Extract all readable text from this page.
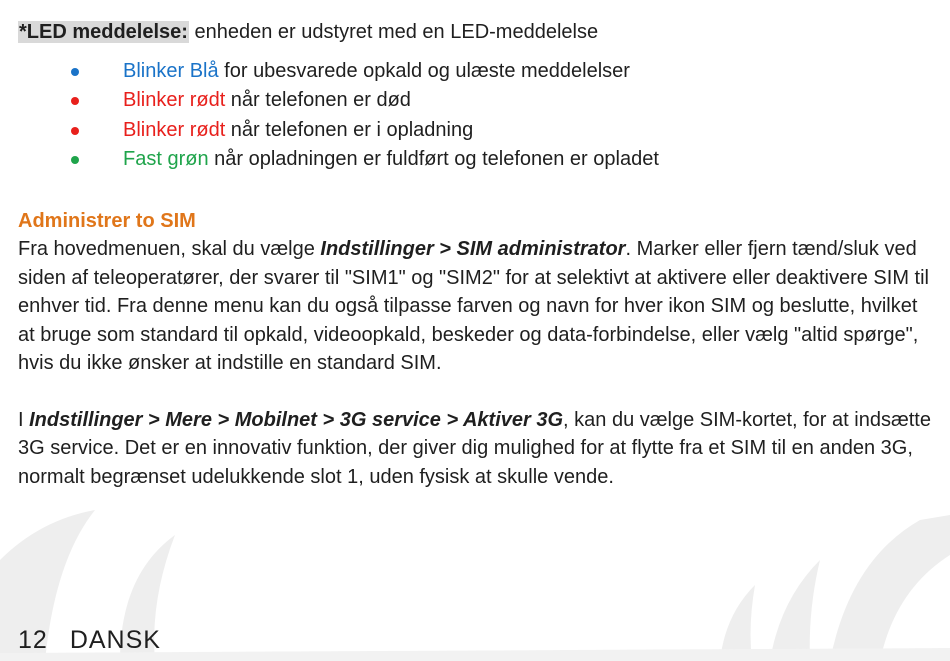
*LED meddelelse: enheden er udstyret med en LED-meddelelse
Blinker Blå for ubesvarede opkald og ulæste meddelelser
Blinker rødt når telefonen er død
Blinker rødt når telefonen er i opladning
Fast grøn når opladningen er fuldført og telefonen er opladet
Administrer to SIM

Fra hovedmenuen, skal du vælge Indstillinger > SIM administrator. Marker eller fjern tænd/sluk ved siden af teleoperatører, der svarer til "SIM1" og "SIM2" for at selektivt at aktivere eller deaktivere SIM til enhver tid. Fra denne menu kan du også tilpasse farven og navn for hver ikon SIM og beslutte, hvilket at bruge som standard til opkald, videoopkald, beskeder og data-forbindelse, eller vælg "altid spørge", hvis du ikke ønsker at indstille en standard SIM.

I Indstillinger > Mere > Mobilnet > 3G service > Aktiver 3G, kan du vælge SIM-kortet, for at indsætte 3G service. Det er en innovativ funktion, der giver dig mulighed for at flytte fra et SIM til en anden 3G, normalt begrænset udelukkende slot 1, uden fysisk at skulle vende.

12 DANSK
